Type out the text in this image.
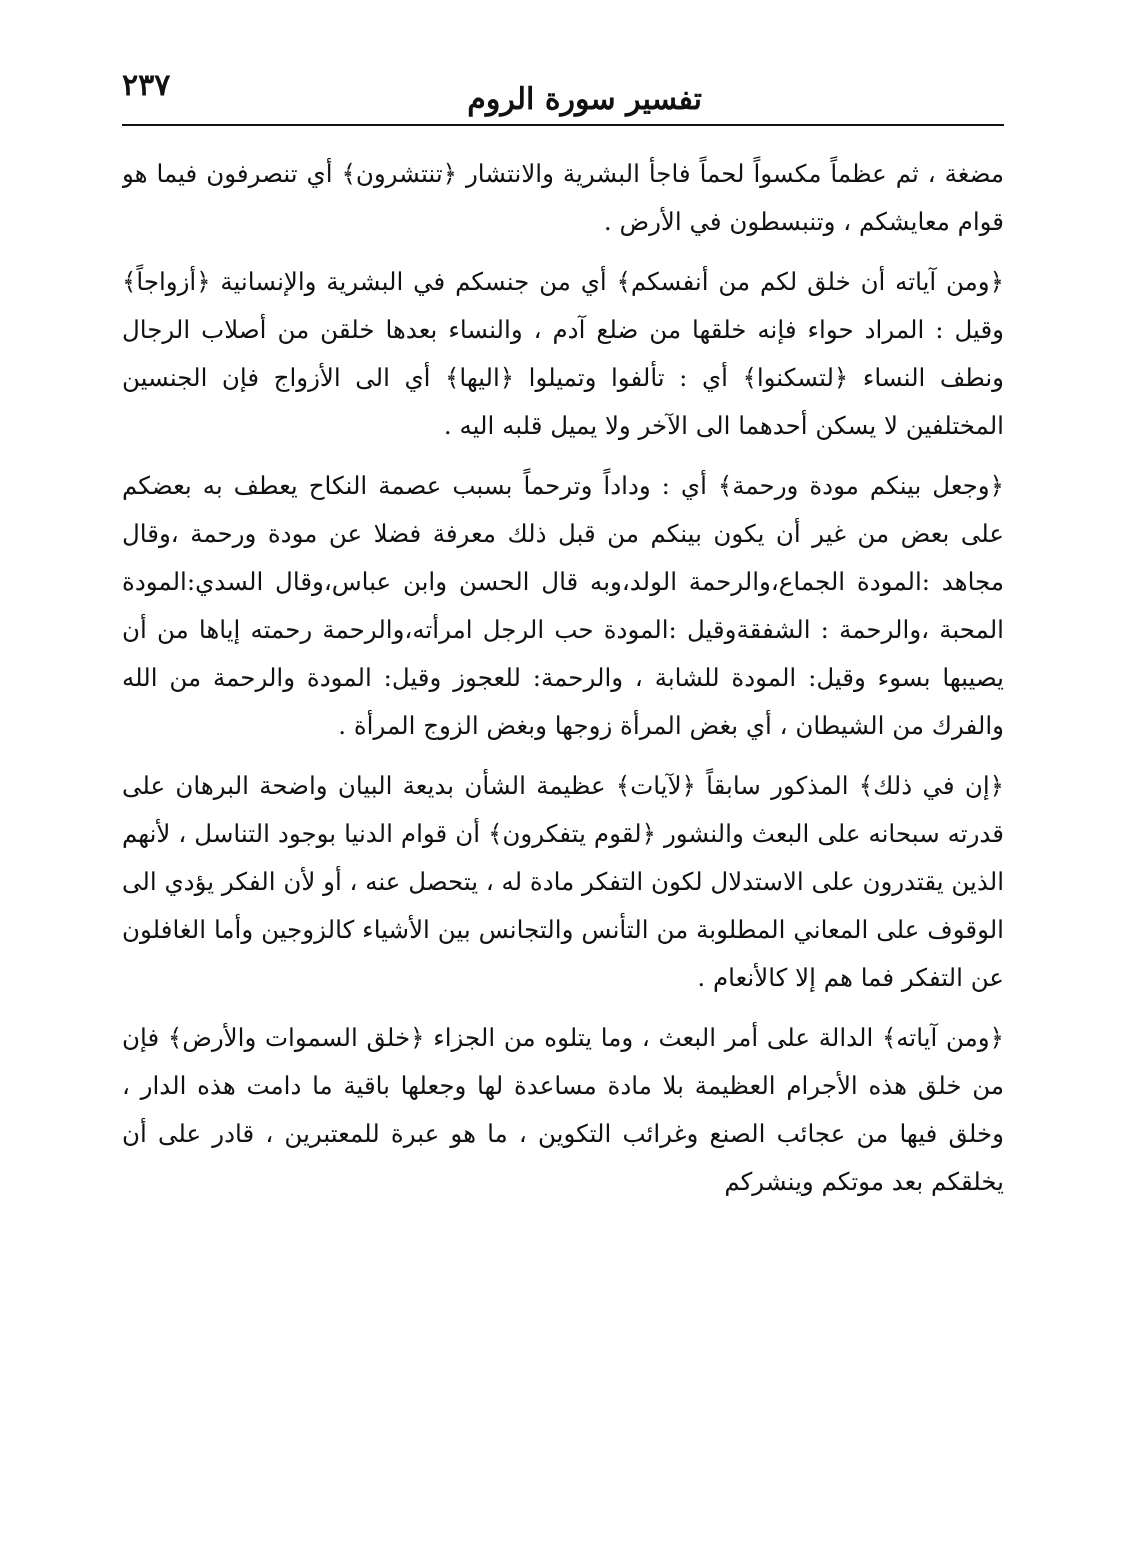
تفسير سورة الروم
٢٣٧

مضغة ، ثم عظماً مكسواً لحماً فاجأ البشرية والانتشار ﴿تنتشرون﴾ أي تنصرفون فيما هو قوام معايشكم ، وتنبسطون في الأرض .

﴿ومن آياته أن خلق لكم من أنفسكم﴾ أي من جنسكم في البشرية والإنسانية ﴿أزواجاً﴾ وقيل : المراد حواء فإنه خلقها من ضلع آدم ، والنساء بعدها خلقن من أصلاب الرجال ونطف النساء ﴿لتسكنوا﴾ أي : تألفوا وتميلوا ﴿اليها﴾ أي الى الأزواج فإن الجنسين المختلفين لا يسكن أحدهما الى الآخر ولا يميل قلبه اليه .

﴿وجعل بينكم مودة ورحمة﴾ أي : وداداً وترحماً بسبب عصمة النكاح يعطف به بعضكم على بعض من غير أن يكون بينكم من قبل ذلك معرفة فضلا عن مودة ورحمة ،وقال مجاهد :المودة الجماع،والرحمة الولد،وبه قال الحسن وابن عباس،وقال السدي:المودة المحبة ،والرحمة : الشفقةوقيل :المودة حب الرجل امرأته،والرحمة رحمته إياها من أن يصيبها بسوء وقيل: المودة للشابة ، والرحمة: للعجوز وقيل: المودة والرحمة من الله والفرك من الشيطان ، أي بغض المرأة زوجها وبغض الزوج المرأة .

﴿إن في ذلك﴾ المذكور سابقاً ﴿لآيات﴾ عظيمة الشأن بديعة البيان واضحة البرهان على قدرته سبحانه على البعث والنشور ﴿لقوم يتفكرون﴾ أن قوام الدنيا بوجود التناسل ، لأنهم الذين يقتدرون على الاستدلال لكون التفكر مادة له ، يتحصل عنه ، أو لأن الفكر يؤدي الى الوقوف على المعاني المطلوبة من التأنس والتجانس بين الأشياء كالزوجين وأما الغافلون عن التفكر فما هم إلا كالأنعام .

﴿ومن آياته﴾ الدالة على أمر البعث ، وما يتلوه من الجزاء ﴿خلق السموات والأرض﴾ فإن من خلق هذه الأجرام العظيمة بلا مادة مساعدة لها وجعلها باقية ما دامت هذه الدار ، وخلق فيها من عجائب الصنع وغرائب التكوين ، ما هو عبرة للمعتبرين ، قادر على أن يخلقكم بعد موتكم وينشركم
